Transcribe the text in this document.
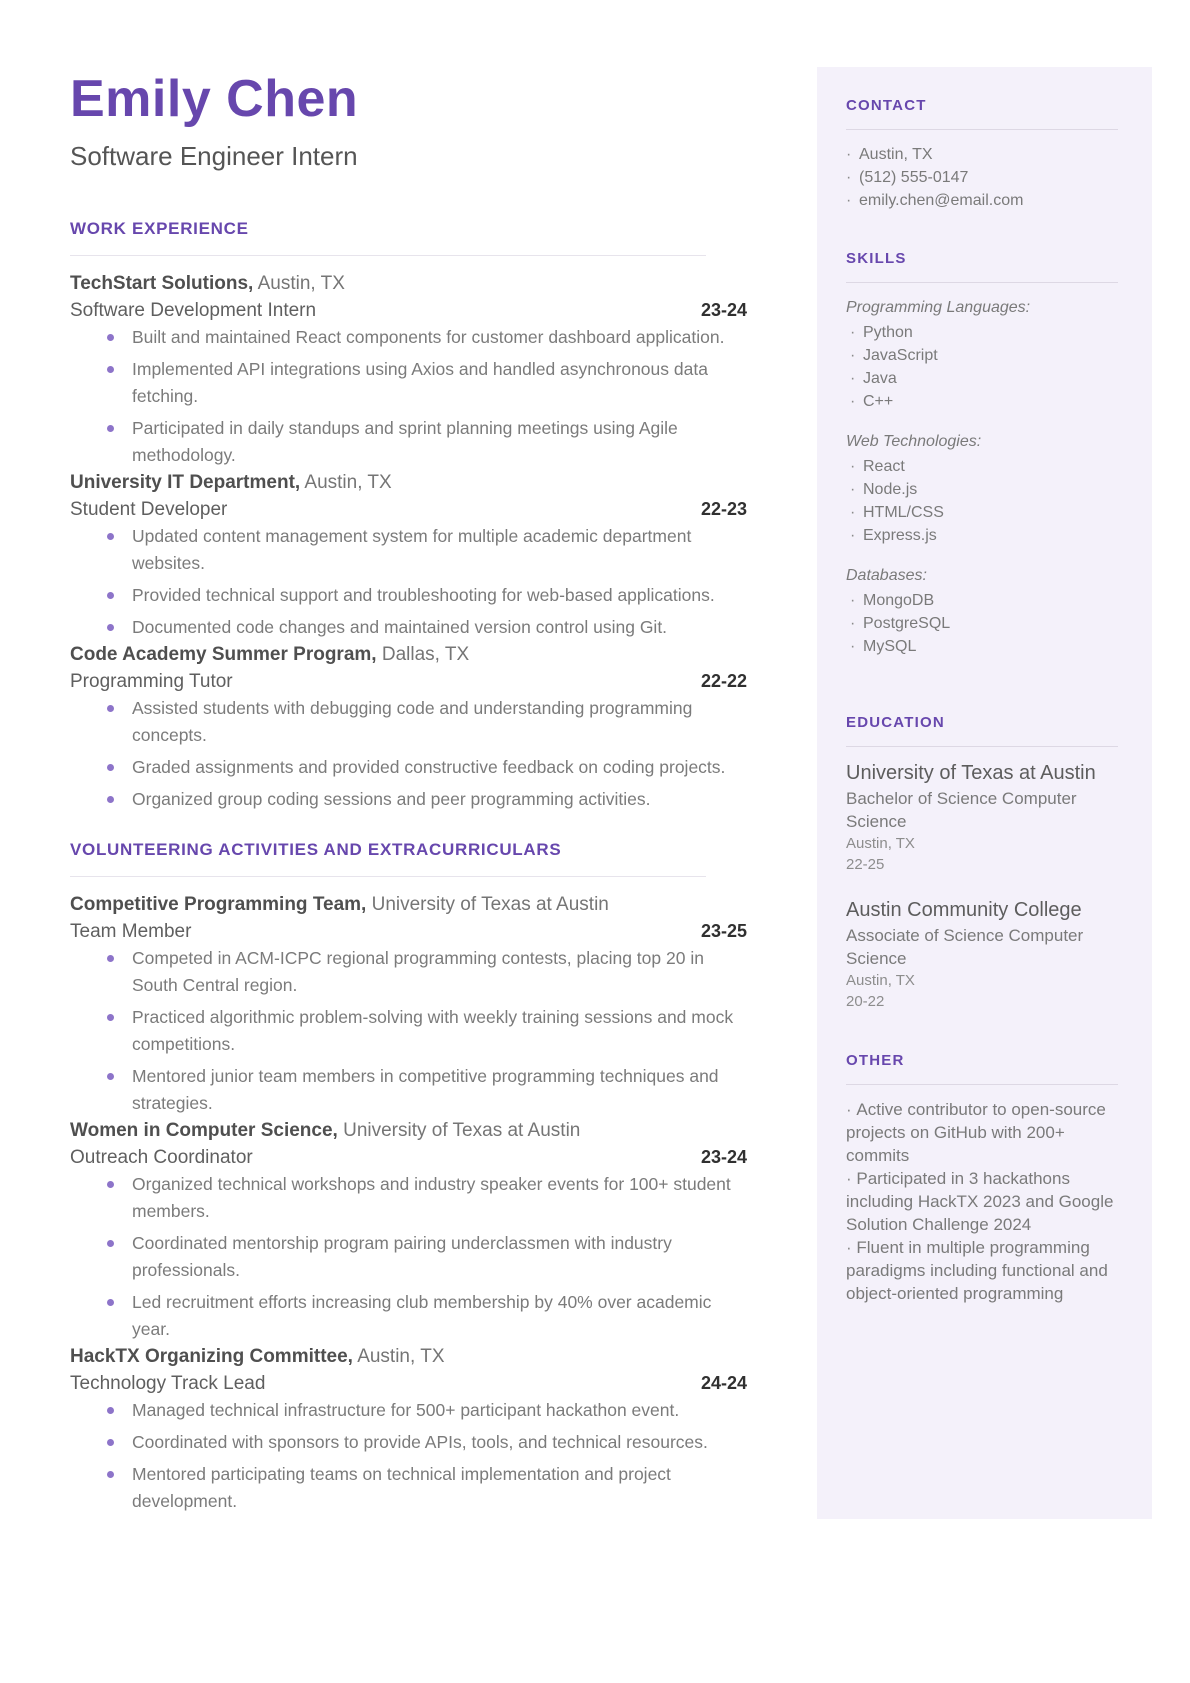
Emily Chen
Software Engineer Intern
WORK EXPERIENCE
TechStart Solutions, Austin, TX
Software Development Intern	23-24
Built and maintained React components for customer dashboard application.
Implemented API integrations using Axios and handled asynchronous data fetching.
Participated in daily standups and sprint planning meetings using Agile methodology.
University IT Department, Austin, TX
Student Developer	22-23
Updated content management system for multiple academic department websites.
Provided technical support and troubleshooting for web-based applications.
Documented code changes and maintained version control using Git.
Code Academy Summer Program, Dallas, TX
Programming Tutor	22-22
Assisted students with debugging code and understanding programming concepts.
Graded assignments and provided constructive feedback on coding projects.
Organized group coding sessions and peer programming activities.
VOLUNTEERING ACTIVITIES AND EXTRACURRICULARS
Competitive Programming Team, University of Texas at Austin
Team Member	23-25
Competed in ACM-ICPC regional programming contests, placing top 20 in South Central region.
Practiced algorithmic problem-solving with weekly training sessions and mock competitions.
Mentored junior team members in competitive programming techniques and strategies.
Women in Computer Science, University of Texas at Austin
Outreach Coordinator	23-24
Organized technical workshops and industry speaker events for 100+ student members.
Coordinated mentorship program pairing underclassmen with industry professionals.
Led recruitment efforts increasing club membership by 40% over academic year.
HackTX Organizing Committee, Austin, TX
Technology Track Lead	24-24
Managed technical infrastructure for 500+ participant hackathon event.
Coordinated with sponsors to provide APIs, tools, and technical resources.
Mentored participating teams on technical implementation and project development.
CONTACT
· Austin, TX
· (512) 555-0147
· emily.chen@email.com
SKILLS
Programming Languages:
· Python
· JavaScript
· Java
· C++
Web Technologies:
· React
· Node.js
· HTML/CSS
· Express.js
Databases:
· MongoDB
· PostgreSQL
· MySQL
EDUCATION
University of Texas at Austin
Bachelor of Science Computer Science
Austin, TX
22-25
Austin Community College
Associate of Science Computer Science
Austin, TX
20-22
OTHER

· Active contributor to open-source projects on GitHub with 200+ commits

· Participated in 3 hackathons including HackTX 2023 and Google Solution Challenge 2024

· Fluent in multiple programming paradigms including functional and object-oriented programming
